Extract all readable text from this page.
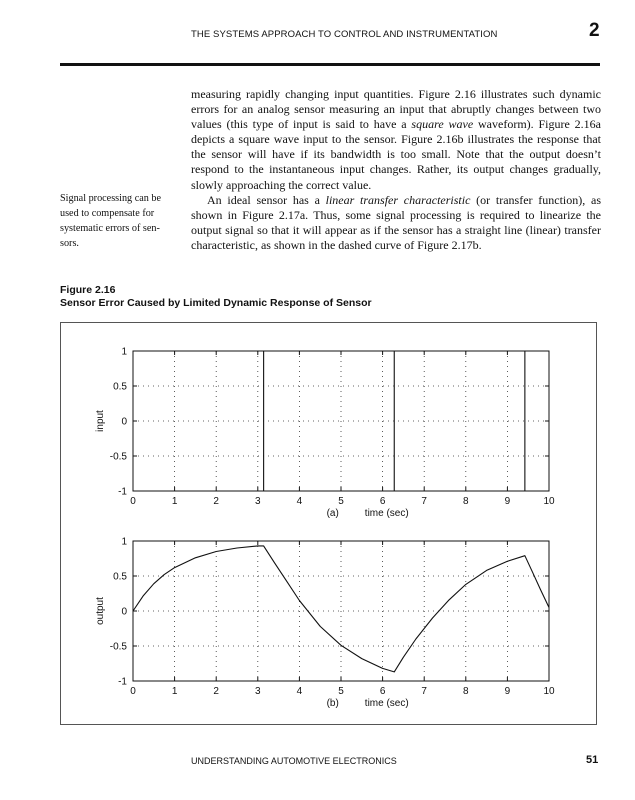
THE SYSTEMS APPROACH TO CONTROL AND INSTRUMENTATION	2

measuring rapidly changing input quantities. Figure 2.16 illustrates such dynamic errors for an analog sensor measuring an input that abruptly changes between two values (this type of input is said to have a square wave waveform). Figure 2.16a depicts a square wave input to the sensor. Figure 2.16b illustrates the response that the sensor will have if its bandwidth is too small. Note that the output doesn’t respond to the instantaneous input changes. Rather, its output changes gradually, slowly approaching the correct value.

An ideal sensor has a linear transfer characteristic (or transfer function), as shown in Figure 2.17a. Thus, some signal processing is required to linearize the output signal so that it will appear as if the sensor has a straight line (linear) transfer characteristic, as shown in the dashed curve of Figure 2.17b.

Signal processing can be used to compensate for systematic errors of sen- sors.
Figure 2.16
Sensor Error Caused by Limited Dynamic Response of Sensor
0	1	2	3	4	5	6	7	8	9	10
1
0.5
0
-0.5
-1
input
(a)	time (sec)
0	1	2	3	4	5	6	7	8	9	10
1
0.5
0
-0.5
-1
output
(b)	time (sec)
UNDERSTANDING AUTOMOTIVE ELECTRONICS	51
